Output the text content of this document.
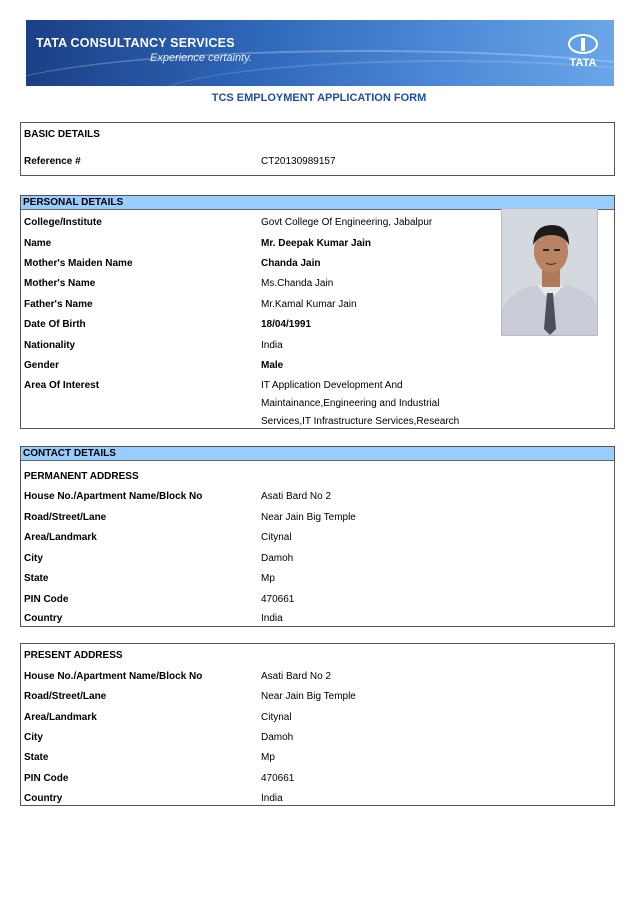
TATA CONSULTANCY SERVICES
Experience certainty.	TATA
TCS EMPLOYMENT APPLICATION FORM
BASIC DETAILS
Reference #	CT20130989157
PERSONAL DETAILS
College/Institute	Govt College Of Engineering, Jabalpur
Name	Mr. Deepak Kumar Jain
Mother's Maiden Name	Chanda Jain
Mother's Name	Ms.Chanda Jain
Father's Name	Mr.Kamal Kumar Jain
Date Of Birth	18/04/1991
Nationality	India
Gender	Male
Area Of Interest	IT Application Development And
Maintainance,Engineering and Industrial
Services,IT Infrastructure Services,Research
CONTACT DETAILS
PERMANENT ADDRESS
House No./Apartment Name/Block No	Asati Bard No 2
Road/Street/Lane	Near Jain Big Temple
Area/Landmark	Citynal
City	Damoh
State	Mp
PIN Code	470661
Country	India
PRESENT ADDRESS
House No./Apartment Name/Block No	Asati Bard No 2
Road/Street/Lane	Near Jain Big Temple
Area/Landmark	Citynal
City	Damoh
State	Mp
PIN Code	470661
Country	India
